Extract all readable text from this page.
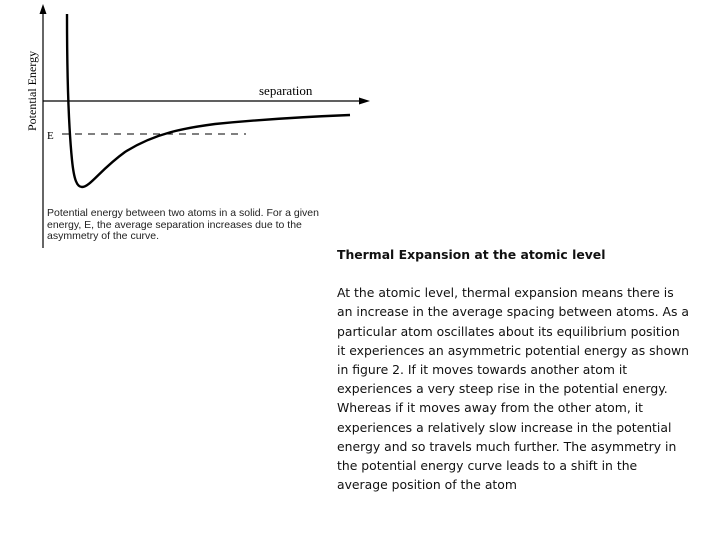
Potential Energy	separation
E
Potential energy between two atoms in a solid. For a given energy, E, the average separation increases due to the asymmetry of the curve.

Thermal Expansion at the atomic level

At the atomic level, thermal expansion means there is an increase in the average spacing between atoms. As a particular atom oscillates about its equilibrium position it experiences an asymmetric potential energy as shown in figure 2. If it moves towards another atom it experiences a very steep rise in the potential energy. Whereas if it moves away from the other atom, it experiences a relatively slow increase in the potential energy and so travels much further. The asymmetry in the potential energy curve leads to a shift in the average position of the atom
